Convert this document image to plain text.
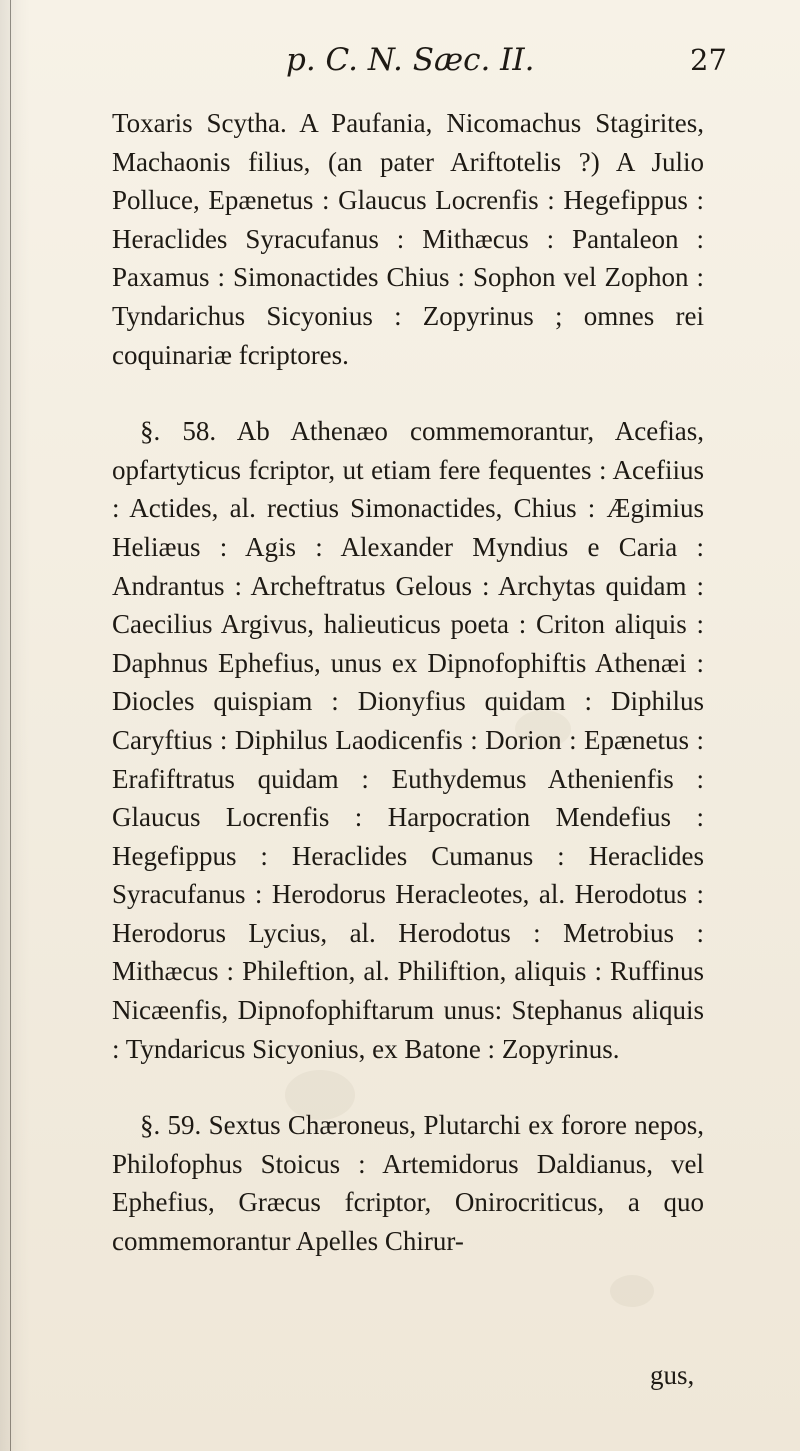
p. C. N. Sæc. II.	27

Toxaris Scytha. A Paufania, Nicomachus Stagirites, Machaonis filius, (an pater Ariftotelis ?) A Julio Polluce, Epænetus : Glaucus Locrenfis : Hegefippus : Heraclides Syracufanus : Mithæcus : Pantaleon : Paxamus : Simonactides Chius : Sophon vel Zophon : Tyndarichus Sicyonius : Zopyrinus ; omnes rei coquinariæ fcriptores.

§. 58. Ab Athenæo commemorantur, Acefias, opfartyticus fcriptor, ut etiam fere fequentes : Acefiius : Actides, al. rectius Simonactides, Chius : Ægimius Heliæus : Agis : Alexander Myndius e Caria : Andrantus : Archeftratus Gelous : Archytas quidam : Caecilius Argivus, halieuticus poeta : Criton aliquis : Daphnus Ephefius, unus ex Dipnofophiftis Athenæi : Diocles quispiam : Dionyfius quidam : Diphilus Caryftius : Diphilus Laodicenfis : Dorion : Epænetus : Erafiftratus quidam : Euthydemus Athenienfis : Glaucus Locrenfis : Harpocration Mendefius : Hegefippus : Heraclides Cumanus : Heraclides Syracufanus : Herodorus Heracleotes, al. Herodotus : Herodorus Lycius, al. Herodotus : Metrobius : Mithæcus : Phileftion, al. Philiftion, aliquis : Ruffinus Nicæenfis, Dipnofophiftarum unus: Stephanus aliquis : Tyndaricus Sicyonius, ex Batone : Zopyrinus.

§. 59. Sextus Chæroneus, Plutarchi ex forore nepos, Philofophus Stoicus : Artemidorus Daldianus, vel Ephefius, Græcus fcriptor, Onirocriticus, a quo commemorantur Apelles Chirur-

gus,
